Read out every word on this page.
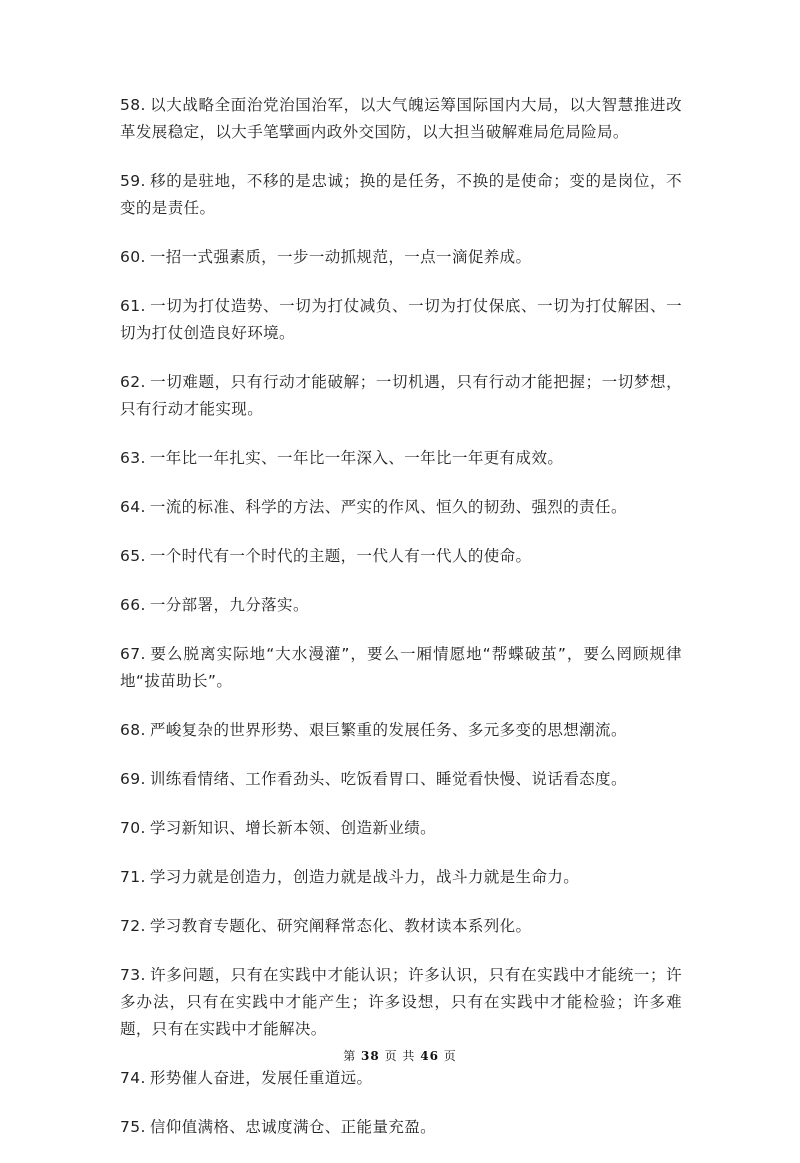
58. 以大战略全面治党治国治军，以大气魄运筹国际国内大局，以大智慧推进改革发展稳定，以大手笔擘画内政外交国防，以大担当破解难局危局险局。

59. 移的是驻地，不移的是忠诚；换的是任务，不换的是使命；变的是岗位，不变的是责任。

60. 一招一式强素质，一步一动抓规范，一点一滴促养成。

61. 一切为打仗造势、一切为打仗减负、一切为打仗保底、一切为打仗解困、一切为打仗创造良好环境。

62. 一切难题，只有行动才能破解；一切机遇，只有行动才能把握；一切梦想，只有行动才能实现。

63. 一年比一年扎实、一年比一年深入、一年比一年更有成效。

64. 一流的标准、科学的方法、严实的作风、恒久的韧劲、强烈的责任。

65. 一个时代有一个时代的主题，一代人有一代人的使命。

66. 一分部署，九分落实。

67. 要么脱离实际地“大水漫灌”，要么一厢情愿地“帮蝶破茧”，要么罔顾规律地“拔苗助长”。

68. 严峻复杂的世界形势、艰巨繁重的发展任务、多元多变的思想潮流。

69. 训练看情绪、工作看劲头、吃饭看胃口、睡觉看快慢、说话看态度。

70. 学习新知识、增长新本领、创造新业绩。

71. 学习力就是创造力，创造力就是战斗力，战斗力就是生命力。

72. 学习教育专题化、研究阐释常态化、教材读本系列化。

73. 许多问题，只有在实践中才能认识；许多认识，只有在实践中才能统一；许多办法，只有在实践中才能产生；许多设想，只有在实践中才能检验；许多难题，只有在实践中才能解决。

74. 形势催人奋进，发展任重道远。

75. 信仰值满格、忠诚度满仓、正能量充盈。

第 38 页 共 46 页
